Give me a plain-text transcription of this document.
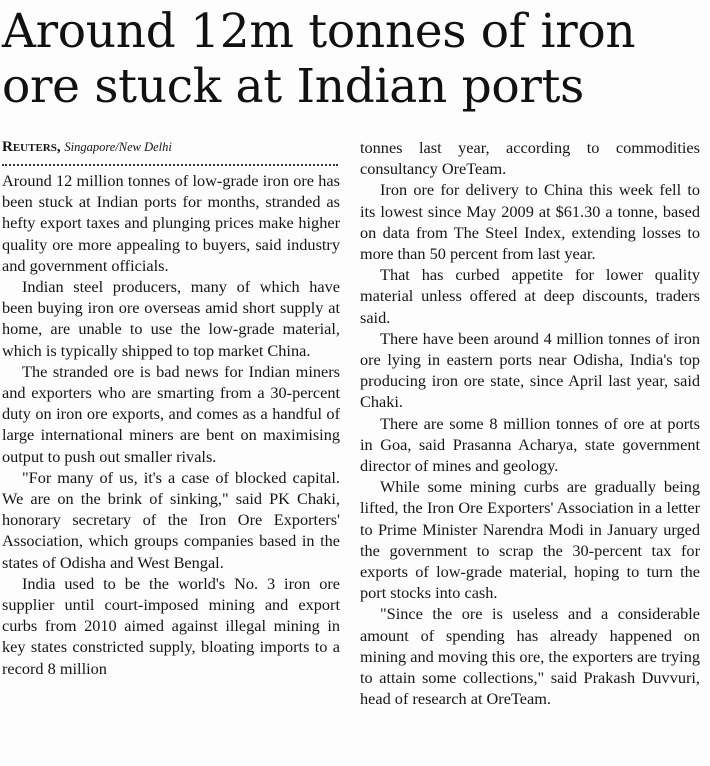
Around 12m tonnes of iron ore stuck at Indian ports
Reuters, Singapore/New Delhi

Around 12 million tonnes of low-grade iron ore has been stuck at Indian ports for months, stranded as hefty export taxes and plunging prices make higher quality ore more appealing to buyers, said industry and government officials.

Indian steel producers, many of which have been buying iron ore overseas amid short supply at home, are unable to use the low-grade material, which is typically shipped to top market China.

The stranded ore is bad news for Indian miners and exporters who are smarting from a 30-percent duty on iron ore exports, and comes as a handful of large international miners are bent on maximising output to push out smaller rivals.

"For many of us, it's a case of blocked capital. We are on the brink of sinking," said PK Chaki, honorary secretary of the Iron Ore Exporters' Association, which groups companies based in the states of Odisha and West Bengal.

India used to be the world's No. 3 iron ore supplier until court-imposed mining and export curbs from 2010 aimed against illegal mining in key states constricted supply, bloating imports to a record 8 million

tonnes last year, according to commodities consultancy OreTeam.

Iron ore for delivery to China this week fell to its lowest since May 2009 at $61.30 a tonne, based on data from The Steel Index, extending losses to more than 50 percent from last year.

That has curbed appetite for lower quality material unless offered at deep discounts, traders said.

There have been around 4 million tonnes of iron ore lying in eastern ports near Odisha, India's top producing iron ore state, since April last year, said Chaki.

There are some 8 million tonnes of ore at ports in Goa, said Prasanna Acharya, state government director of mines and geology.

While some mining curbs are gradually being lifted, the Iron Ore Exporters' Association in a letter to Prime Minister Narendra Modi in January urged the government to scrap the 30-percent tax for exports of low-grade material, hoping to turn the port stocks into cash.

"Since the ore is useless and a considerable amount of spending has already happened on mining and moving this ore, the exporters are trying to attain some collections," said Prakash Duvvuri, head of research at OreTeam.
